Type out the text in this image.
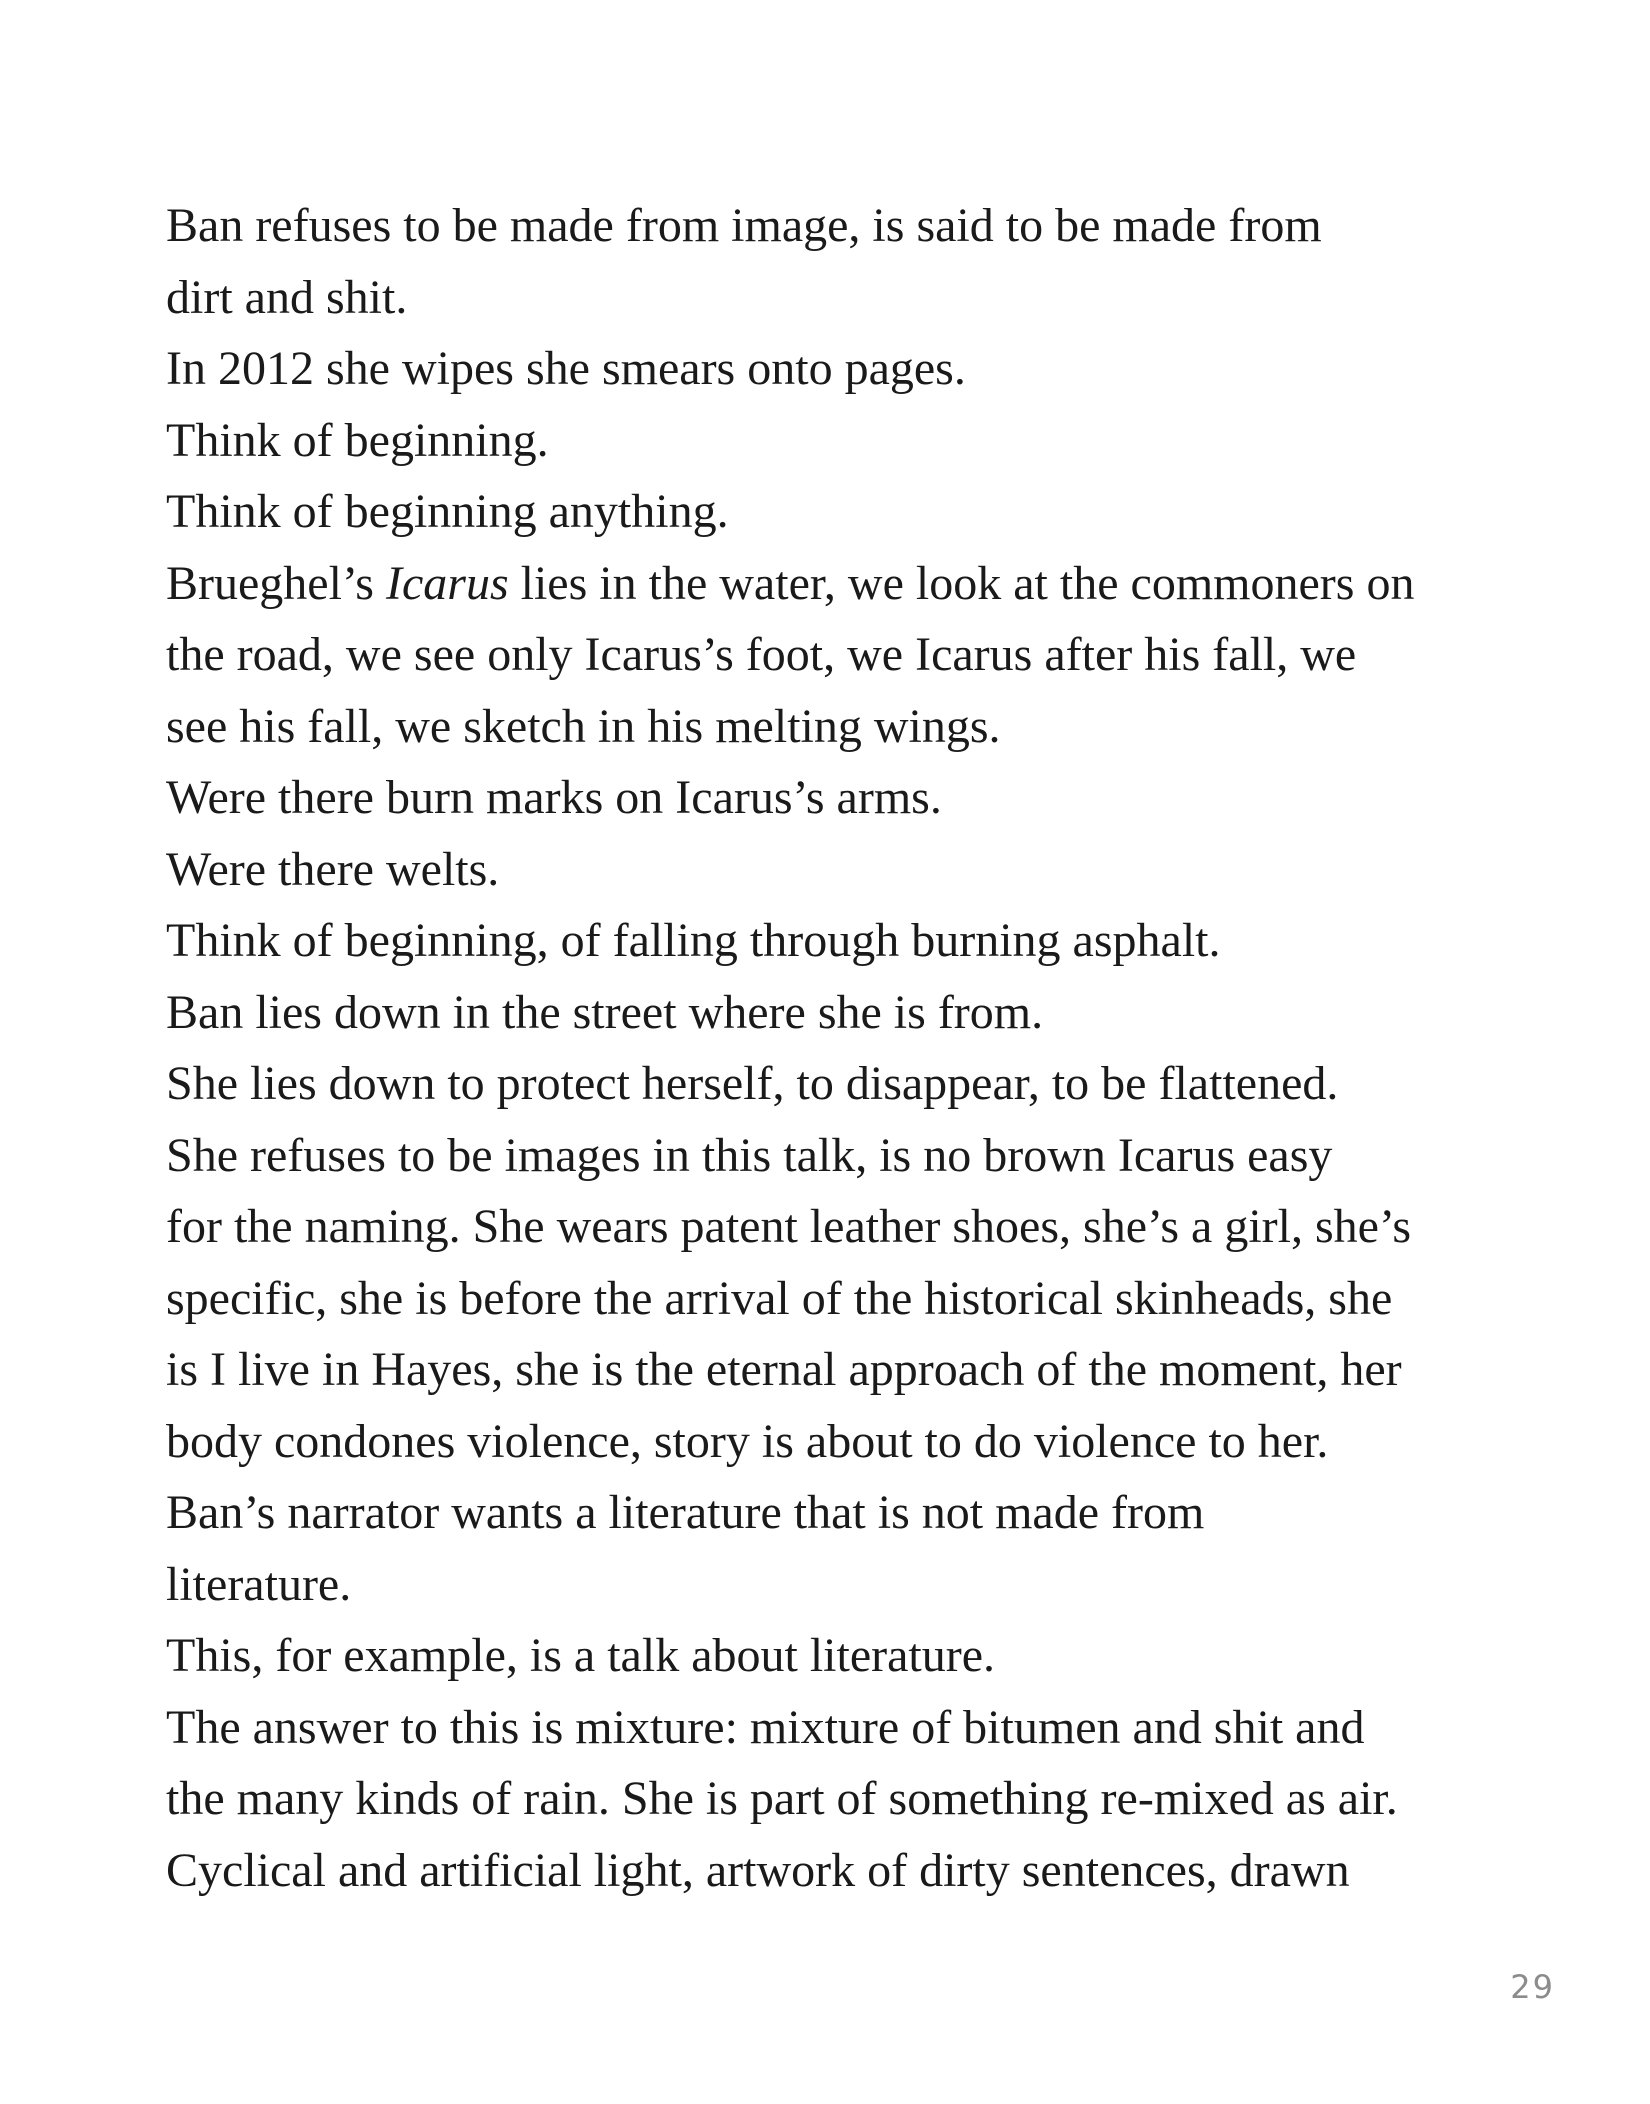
Ban refuses to be made from image, is said to be made from
dirt and shit.
In 2012 she wipes she smears onto pages.
Think of beginning.
Think of beginning anything.
Brueghel’s Icarus lies in the water, we look at the commoners on
the road, we see only Icarus’s foot, we Icarus after his fall, we
see his fall, we sketch in his melting wings.
Were there burn marks on Icarus’s arms.
Were there welts.
Think of beginning, of falling through burning asphalt.
Ban lies down in the street where she is from.
She lies down to protect herself, to disappear, to be flattened.
She refuses to be images in this talk, is no brown Icarus easy
for the naming. She wears patent leather shoes, she’s a girl, she’s
specific, she is before the arrival of the historical skinheads, she
is I live in Hayes, she is the eternal approach of the moment, her
body condones violence, story is about to do violence to her.
Ban’s narrator wants a literature that is not made from
literature.
This, for example, is a talk about literature.
The answer to this is mixture: mixture of bitumen and shit and
the many kinds of rain. She is part of something re-mixed as air.
Cyclical and artificial light, artwork of dirty sentences, drawn
29
